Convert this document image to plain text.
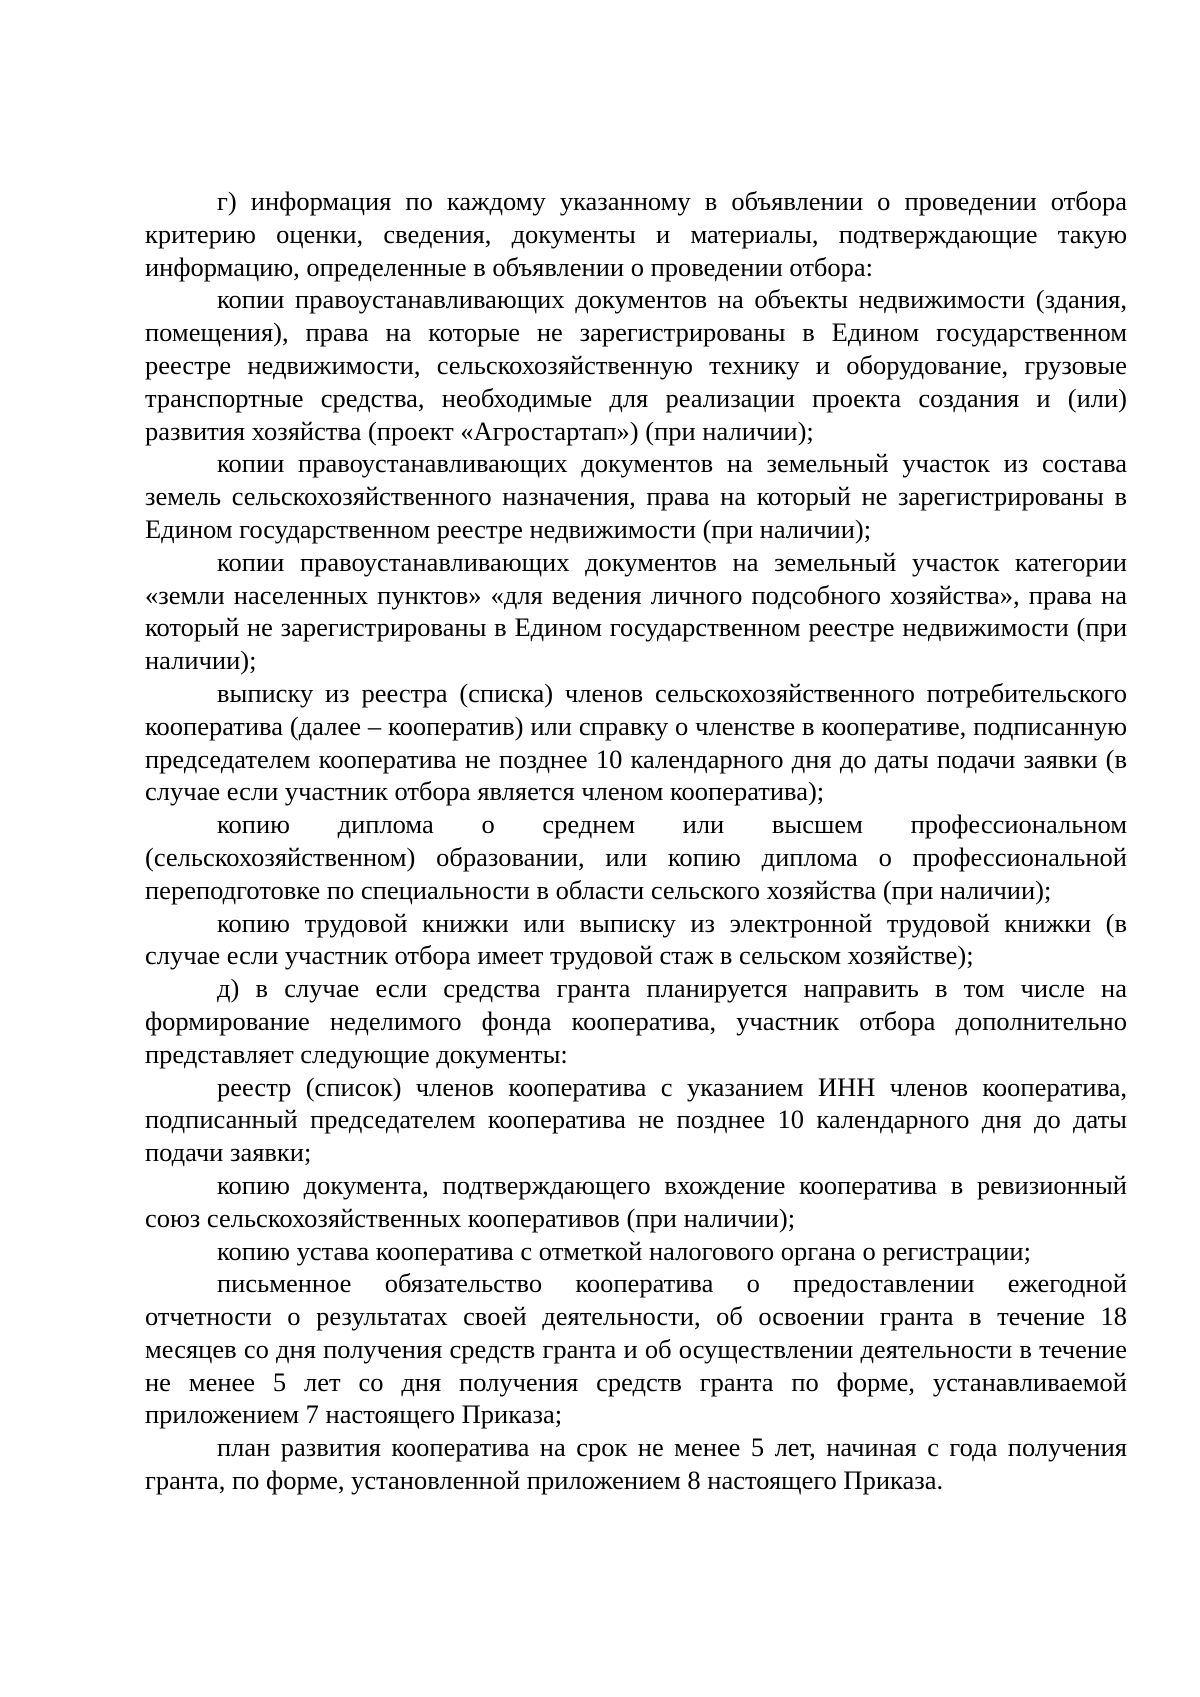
г) информация по каждому указанному в объявлении о проведении отбора критерию оценки, сведения, документы и материалы, подтверждающие такую информацию, определенные в объявлении о проведении отбора:

копии правоустанавливающих документов на объекты недвижимости (здания, помещения), права на которые не зарегистрированы в Едином государственном реестре недвижимости, сельскохозяйственную технику и оборудование, грузовые транспортные средства, необходимые для реализации проекта создания и (или) развития хозяйства (проект «Агростартап») (при наличии);

копии правоустанавливающих документов на земельный участок из состава земель сельскохозяйственного назначения, права на который не зарегистрированы в Едином государственном реестре недвижимости (при наличии);

копии правоустанавливающих документов на земельный участок категории «земли населенных пунктов» «для ведения личного подсобного хозяйства», права на который не зарегистрированы в Едином государственном реестре недвижимости (при наличии);

выписку из реестра (списка) членов сельскохозяйственного потребительского кооператива (далее – кооператив) или справку о членстве в кооперативе, подписанную председателем кооператива не позднее 10 календарного дня до даты подачи заявки (в случае если участник отбора является членом кооператива);

копию диплома о среднем или высшем профессиональном (сельскохозяйственном) образовании, или копию диплома о профессиональной переподготовке по специальности в области сельского хозяйства (при наличии);

копию трудовой книжки или выписку из электронной трудовой книжки (в случае если участник отбора имеет трудовой стаж в сельском хозяйстве);

д) в случае если средства гранта планируется направить в том числе на формирование неделимого фонда кооператива, участник отбора дополнительно представляет следующие документы:

реестр (список) членов кооператива с указанием ИНН членов кооператива, подписанный председателем кооператива не позднее 10 календарного дня до даты подачи заявки;

копию документа, подтверждающего вхождение кооператива в ревизионный союз сельскохозяйственных кооперативов (при наличии);

копию устава кооператива с отметкой налогового органа о регистрации;

письменное обязательство кооператива о предоставлении ежегодной отчетности о результатах своей деятельности, об освоении гранта в течение 18 месяцев со дня получения средств гранта и об осуществлении деятельности в течение не менее 5 лет со дня получения средств гранта по форме, устанавливаемой приложением 7 настоящего Приказа;

план развития кооператива на срок не менее 5 лет, начиная с года получения гранта, по форме, установленной приложением 8 настоящего Приказа.
